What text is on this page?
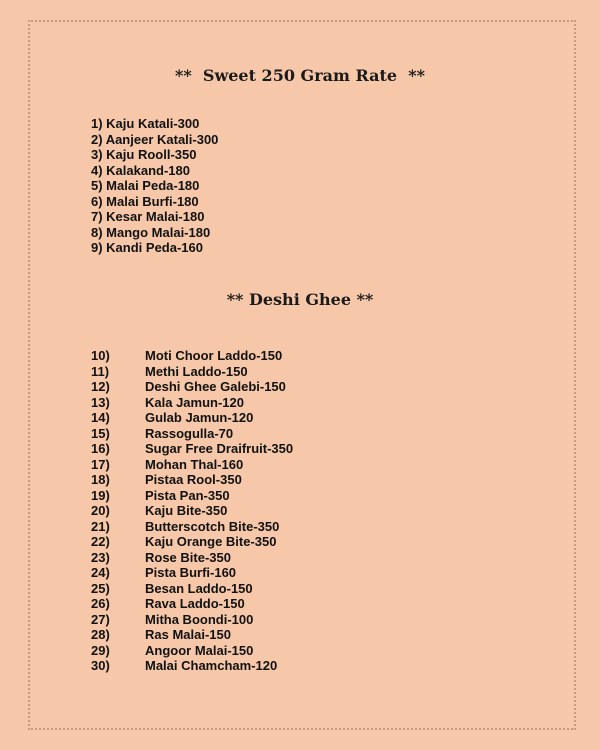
**  Sweet 250 Gram Rate  **
1) Kaju Katali-300
2) Aanjeer Katali-300
3) Kaju Rooll-350
4) Kalakand-180
5) Malai Peda-180
6) Malai Burfi-180
7) Kesar Malai-180
8) Mango Malai-180
9) Kandi Peda-160
** Deshi Ghee **
10)	Moti Choor Laddo-150
11)	Methi Laddo-150
12)	Deshi Ghee Galebi-150
13)	Kala Jamun-120
14)	Gulab Jamun-120
15)	Rassogulla-70
16)	Sugar Free Draifruit-350
17)	Mohan Thal-160
18)	Pistaa Rool-350
19)	Pista Pan-350
20)	Kaju Bite-350
21)	Butterscotch Bite-350
22)	Kaju Orange Bite-350
23)	Rose Bite-350
24)	Pista Burfi-160
25)	Besan Laddo-150
26)	Rava Laddo-150
27)	Mitha Boondi-100
28)	Ras Malai-150
29)	Angoor Malai-150
30)	Malai Chamcham-120
